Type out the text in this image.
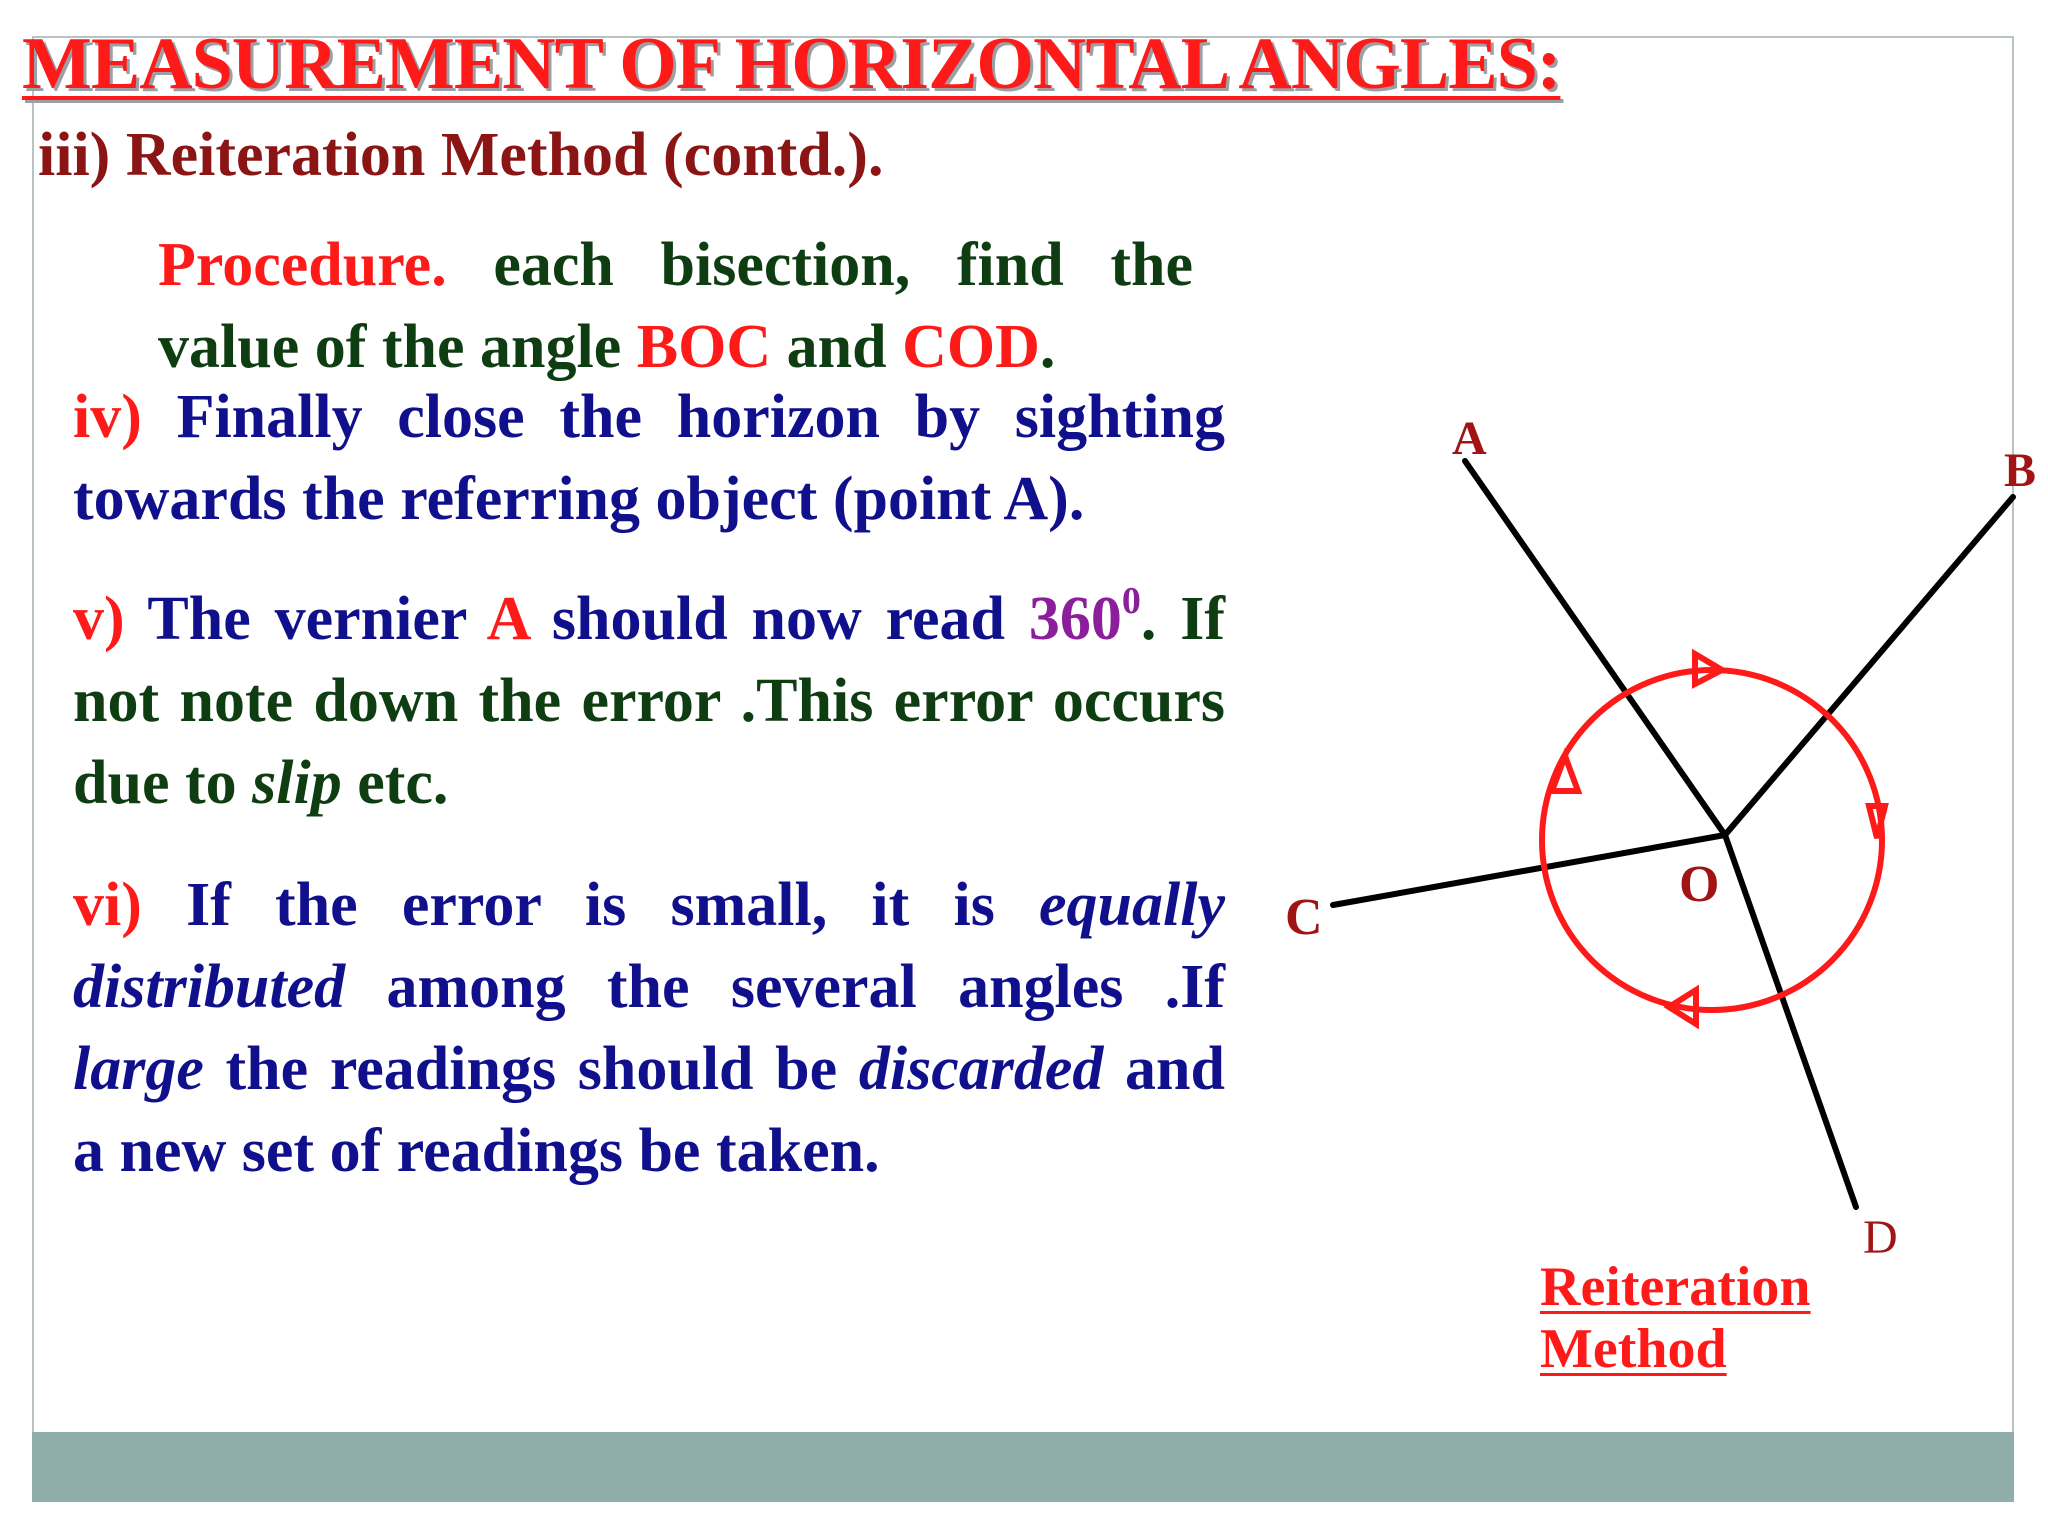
MEASUREMENT OF HORIZONTAL ANGLES:

iii) Reiteration Method (contd.).

Procedure. each bisection, find the value of the angle BOC and COD.

iv) Finally close the horizon by sighting towards the referring object (point A).

v) The vernier A should now read $360^0$. If not note down the error .This error occurs due to slip etc.

vi) If the error is small, it is equally distributed among the several angles .If large the readings should be discarded and a new set of readings be taken.

A
B
C
O
D

Reiteration
Method
